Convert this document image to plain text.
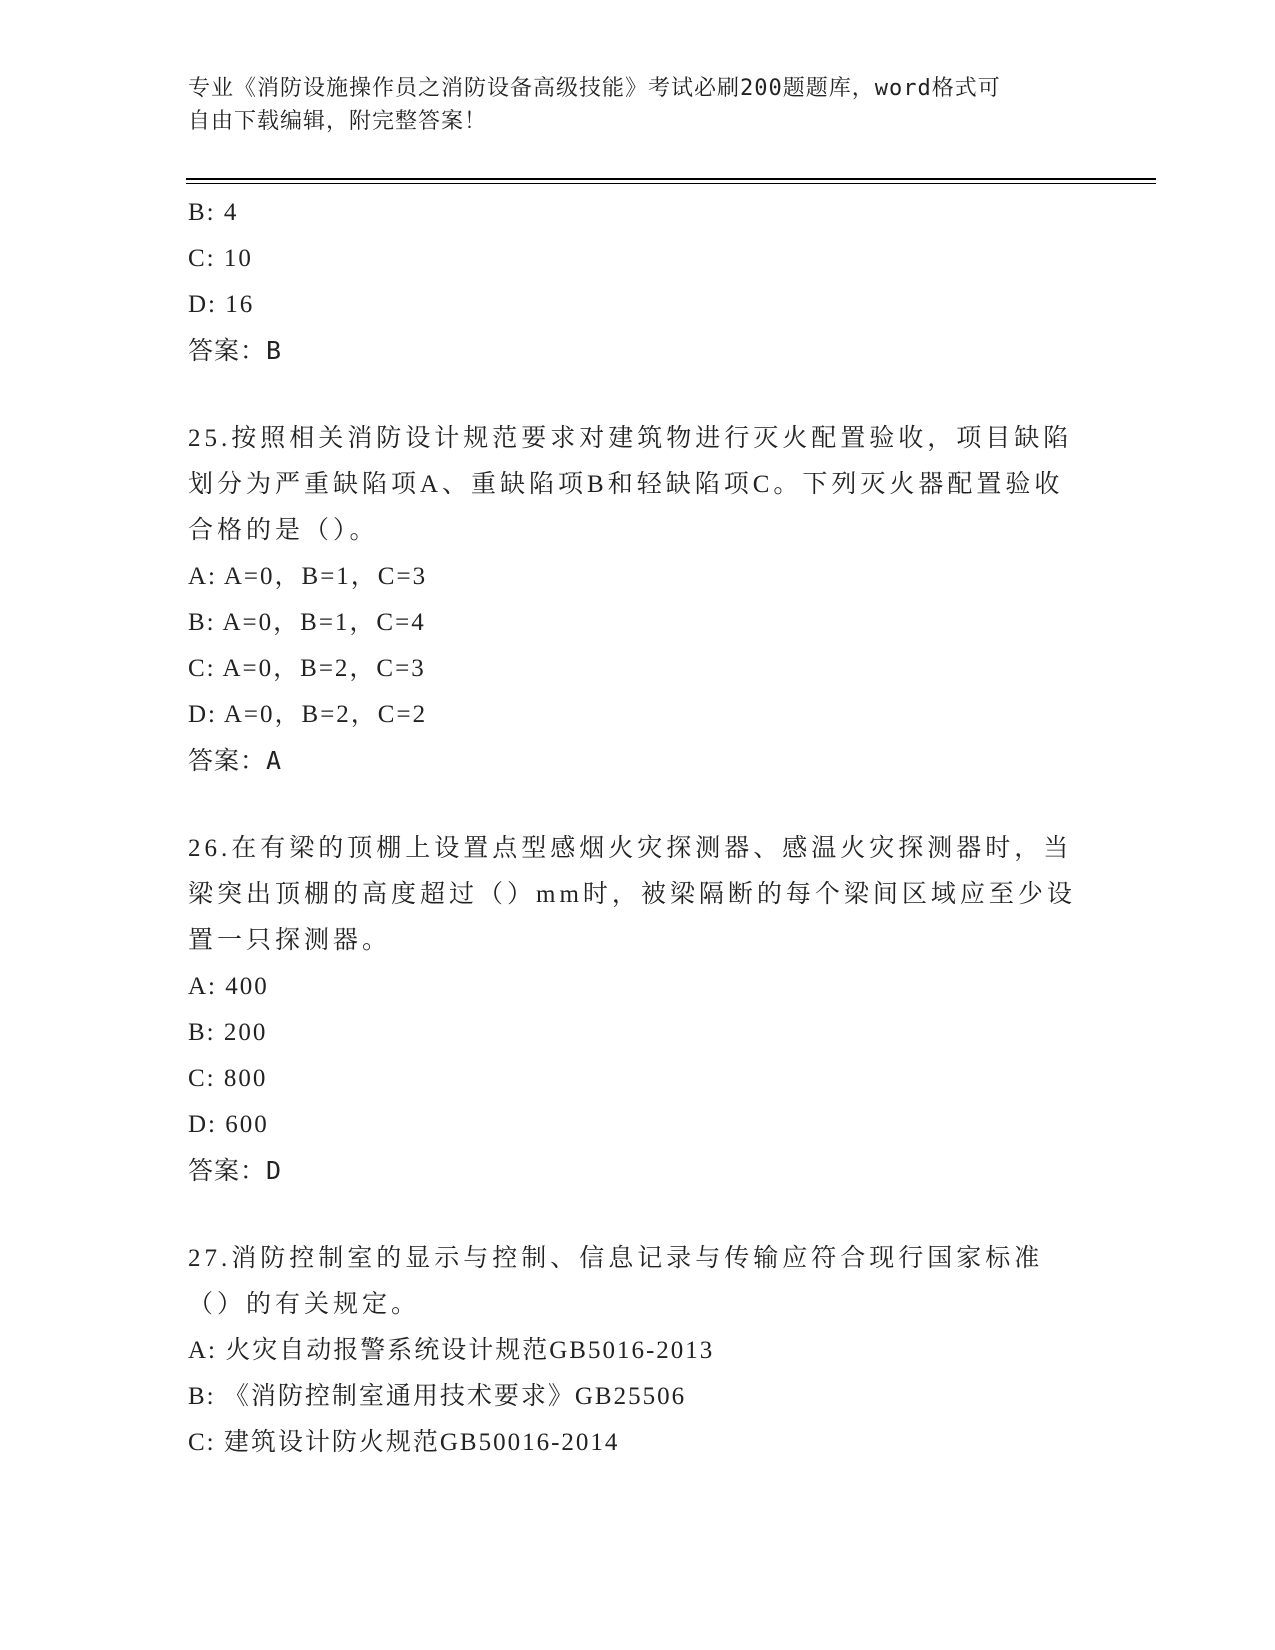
专业《消防设施操作员之消防设备高级技能》考试必刷200题题库，word格式可
自由下载编辑，附完整答案！
B: 4
C: 10
D: 16
答案：B
25.按照相关消防设计规范要求对建筑物进行灭火配置验收，项目缺陷划分为严重缺陷项A、重缺陷项B和轻缺陷项C。下列灭火器配置验收合格的是（）。
A: A=0，B=1，C=3
B: A=0，B=1，C=4
C: A=0，B=2，C=3
D: A=0，B=2，C=2
答案：A
26.在有梁的顶棚上设置点型感烟火灾探测器、感温火灾探测器时，当梁突出顶棚的高度超过（）mm时，被梁隔断的每个梁间区域应至少设置一只探测器。
A: 400
B: 200
C: 800
D: 600
答案：D
27.消防控制室的显示与控制、信息记录与传输应符合现行国家标准（）的有关规定。
A: 火灾自动报警系统设计规范GB5016-2013
B: 《消防控制室通用技术要求》GB25506
C: 建筑设计防火规范GB50016-2014
